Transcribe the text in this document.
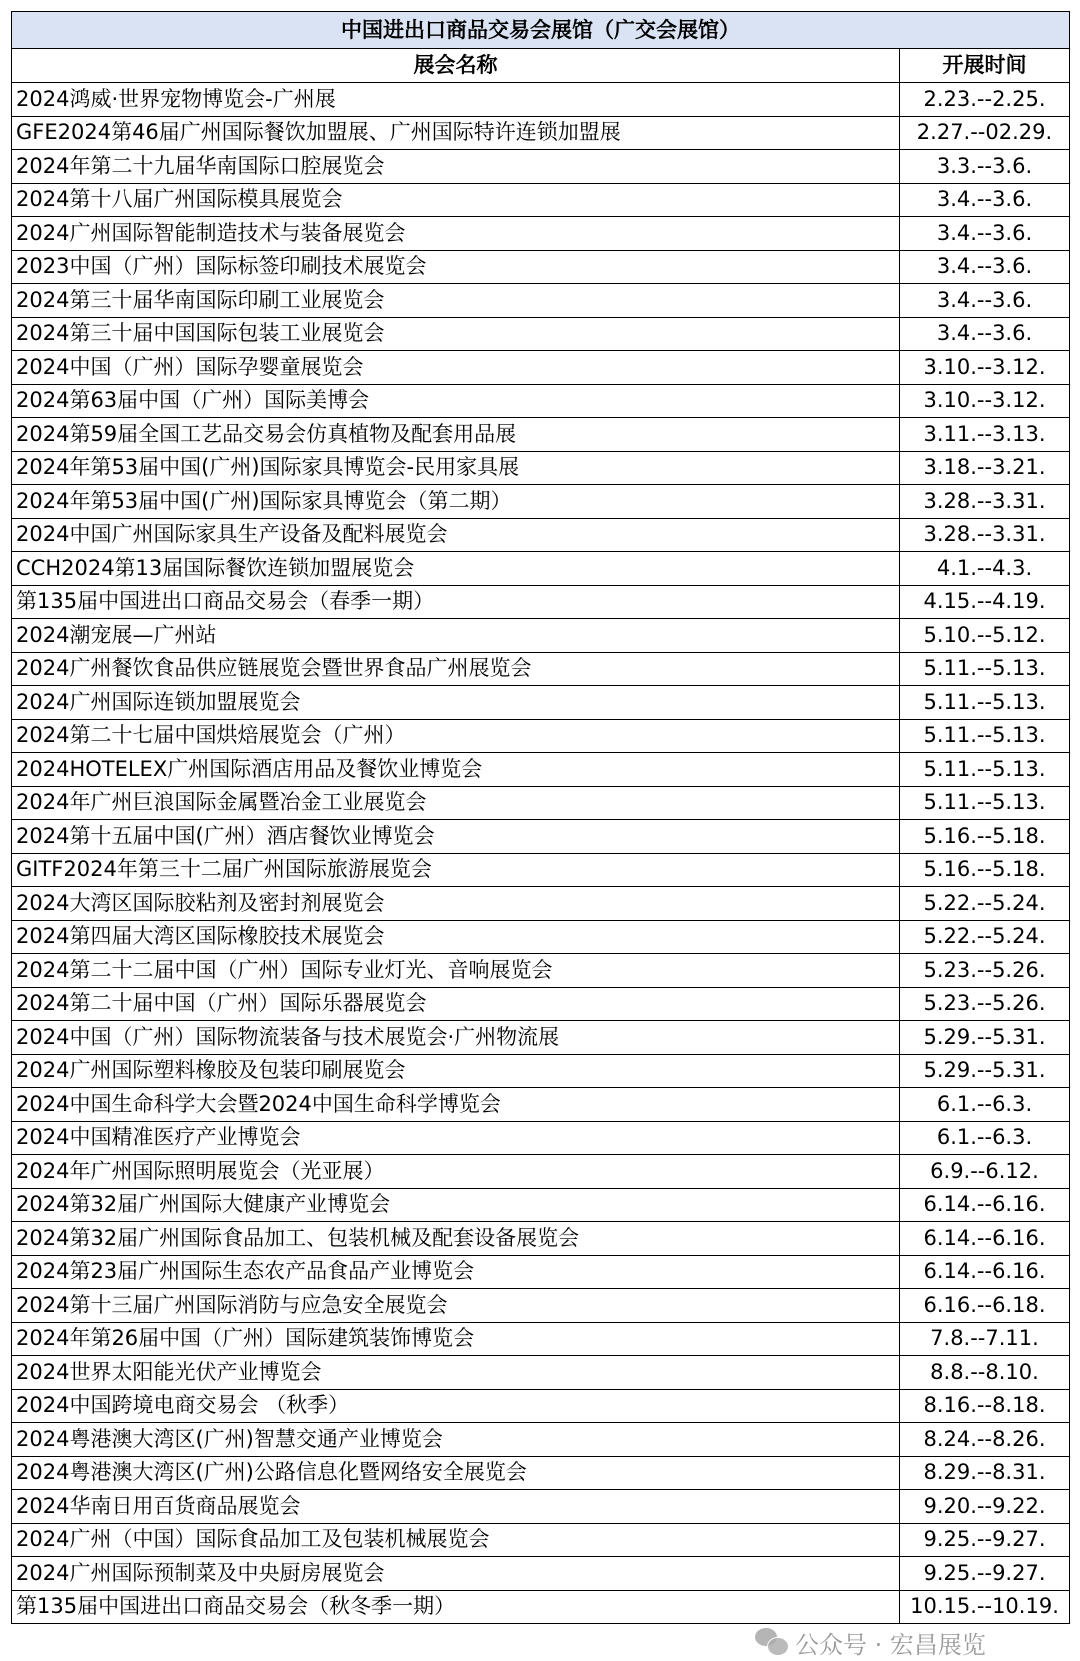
中国进出口商品交易会展馆（广交会展馆）	
展会名称	开展时间
2024鸿威·世界宠物博览会-广州展	2.23.--2.25.
GFE2024第46届广州国际餐饮加盟展、广州国际特许连锁加盟展	2.27.--02.29.
2024年第二十九届华南国际口腔展览会	3.3.--3.6.
2024第十八届广州国际模具展览会	3.4.--3.6.
2024广州国际智能制造技术与装备展览会	3.4.--3.6.
2023中国（广州）国际标签印刷技术展览会	3.4.--3.6.
2024第三十届华南国际印刷工业展览会	3.4.--3.6.
2024第三十届中国国际包装工业展览会	3.4.--3.6.
2024中国（广州）国际孕婴童展览会	3.10.--3.12.
2024第63届中国（广州）国际美博会	3.10.--3.12.
2024第59届全国工艺品交易会仿真植物及配套用品展	3.11.--3.13.
2024年第53届中国(广州)国际家具博览会-民用家具展	3.18.--3.21.
2024年第53届中国(广州)国际家具博览会（第二期）	3.28.--3.31.
2024中国广州国际家具生产设备及配料展览会	3.28.--3.31.
CCH2024第13届国际餐饮连锁加盟展览会	4.1.--4.3.
第135届中国进出口商品交易会（春季一期）	4.15.--4.19.
2024潮宠展—广州站	5.10.--5.12.
2024广州餐饮食品供应链展览会暨世界食品广州展览会	5.11.--5.13.
2024广州国际连锁加盟展览会	5.11.--5.13.
2024第二十七届中国烘焙展览会（广州）	5.11.--5.13.
2024HOTELEX广州国际酒店用品及餐饮业博览会	5.11.--5.13.
2024年广州巨浪国际金属暨冶金工业展览会	5.11.--5.13.
2024第十五届中国(广州）酒店餐饮业博览会	5.16.--5.18.
GITF2024年第三十二届广州国际旅游展览会	5.16.--5.18.
2024大湾区国际胶粘剂及密封剂展览会	5.22.--5.24.
2024第四届大湾区国际橡胶技术展览会	5.22.--5.24.
2024第二十二届中国（广州）国际专业灯光、音响展览会	5.23.--5.26.
2024第二十届中国（广州）国际乐器展览会	5.23.--5.26.
2024中国（广州）国际物流装备与技术展览会·广州物流展	5.29.--5.31.
2024广州国际塑料橡胶及包装印刷展览会	5.29.--5.31.
2024中国生命科学大会暨2024中国生命科学博览会	6.1.--6.3.
2024中国精准医疗产业博览会	6.1.--6.3.
2024年广州国际照明展览会（光亚展）	6.9.--6.12.
2024第32届广州国际大健康产业博览会	6.14.--6.16.
2024第32届广州国际食品加工、包装机械及配套设备展览会	6.14.--6.16.
2024第23届广州国际生态农产品食品产业博览会	6.14.--6.16.
2024第十三届广州国际消防与应急安全展览会	6.16.--6.18.
2024年第26届中国（广州）国际建筑装饰博览会	7.8.--7.11.
2024世界太阳能光伏产业博览会	8.8.--8.10.
2024中国跨境电商交易会 （秋季）	8.16.--8.18.
2024粤港澳大湾区(广州)智慧交通产业博览会	8.24.--8.26.
2024粤港澳大湾区(广州)公路信息化暨网络安全展览会	8.29.--8.31.
2024华南日用百货商品展览会	9.20.--9.22.
2024广州（中国）国际食品加工及包装机械展览会	9.25.--9.27.
2024广州国际预制菜及中央厨房展览会	9.25.--9.27.
第135届中国进出口商品交易会（秋冬季一期）	10.15.--10.19.
公众号 · 宏昌展览
